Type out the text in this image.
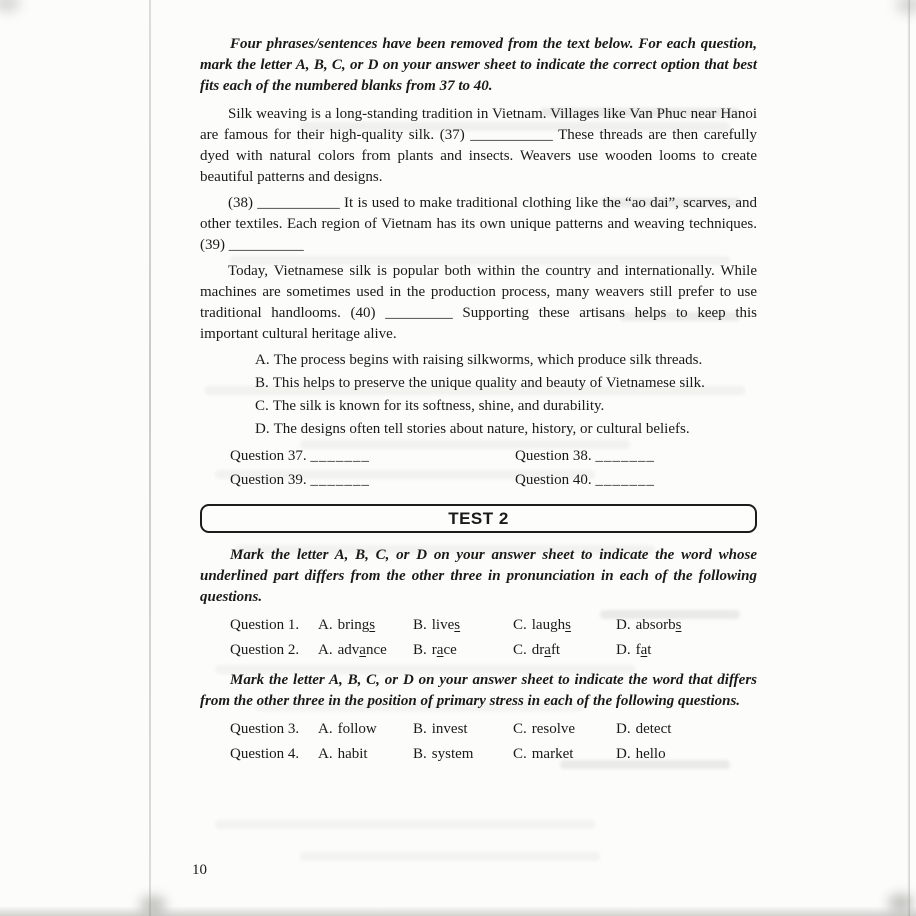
Four phrases/sentences have been removed from the text below. For each question, mark the letter A, B, C, or D on your answer sheet to indicate the correct option that best fits each of the numbered blanks from 37 to 40.

Silk weaving is a long-standing tradition in Vietnam. Villages like Van Phuc near Hanoi are famous for their high-quality silk. (37) ___________ These threads are then carefully dyed with natural colors from plants and insects. Weavers use wooden looms to create beautiful patterns and designs.

(38) ___________ It is used to make traditional clothing like the “ao dai”, scarves, and other textiles. Each region of Vietnam has its own unique patterns and weaving techniques. (39) __________

Today, Vietnamese silk is popular both within the country and internationally. While machines are sometimes used in the production process, many weavers still prefer to use traditional handlooms. (40) _________ Supporting these artisans helps to keep this important cultural heritage alive.

A. The process begins with raising silkworms, which produce silk threads.

B. This helps to preserve the unique quality and beauty of Vietnamese silk.

C. The silk is known for its softness, shine, and durability.

D. The designs often tell stories about nature, history, or cultural beliefs.

Question 37. _______	Question 38. _______
Question 39. _______	Question 40. _______
TEST 2

Mark the letter A, B, C, or D on your answer sheet to indicate the word whose underlined part differs from the other three in pronunciation in each of the following questions.

Question 1.	A. brings	B. lives	C. laughs	D. absorbs
Question 2.	A. advance	B. race	C. draft	D. fat

Mark the letter A, B, C, or D on your answer sheet to indicate the word that differs from the other three in the position of primary stress in each of the following questions.

Question 3.	A. follow	B. invest	C. resolve	D. detect
Question 4.	A. habit	B. system	C. market	D. hello
10
